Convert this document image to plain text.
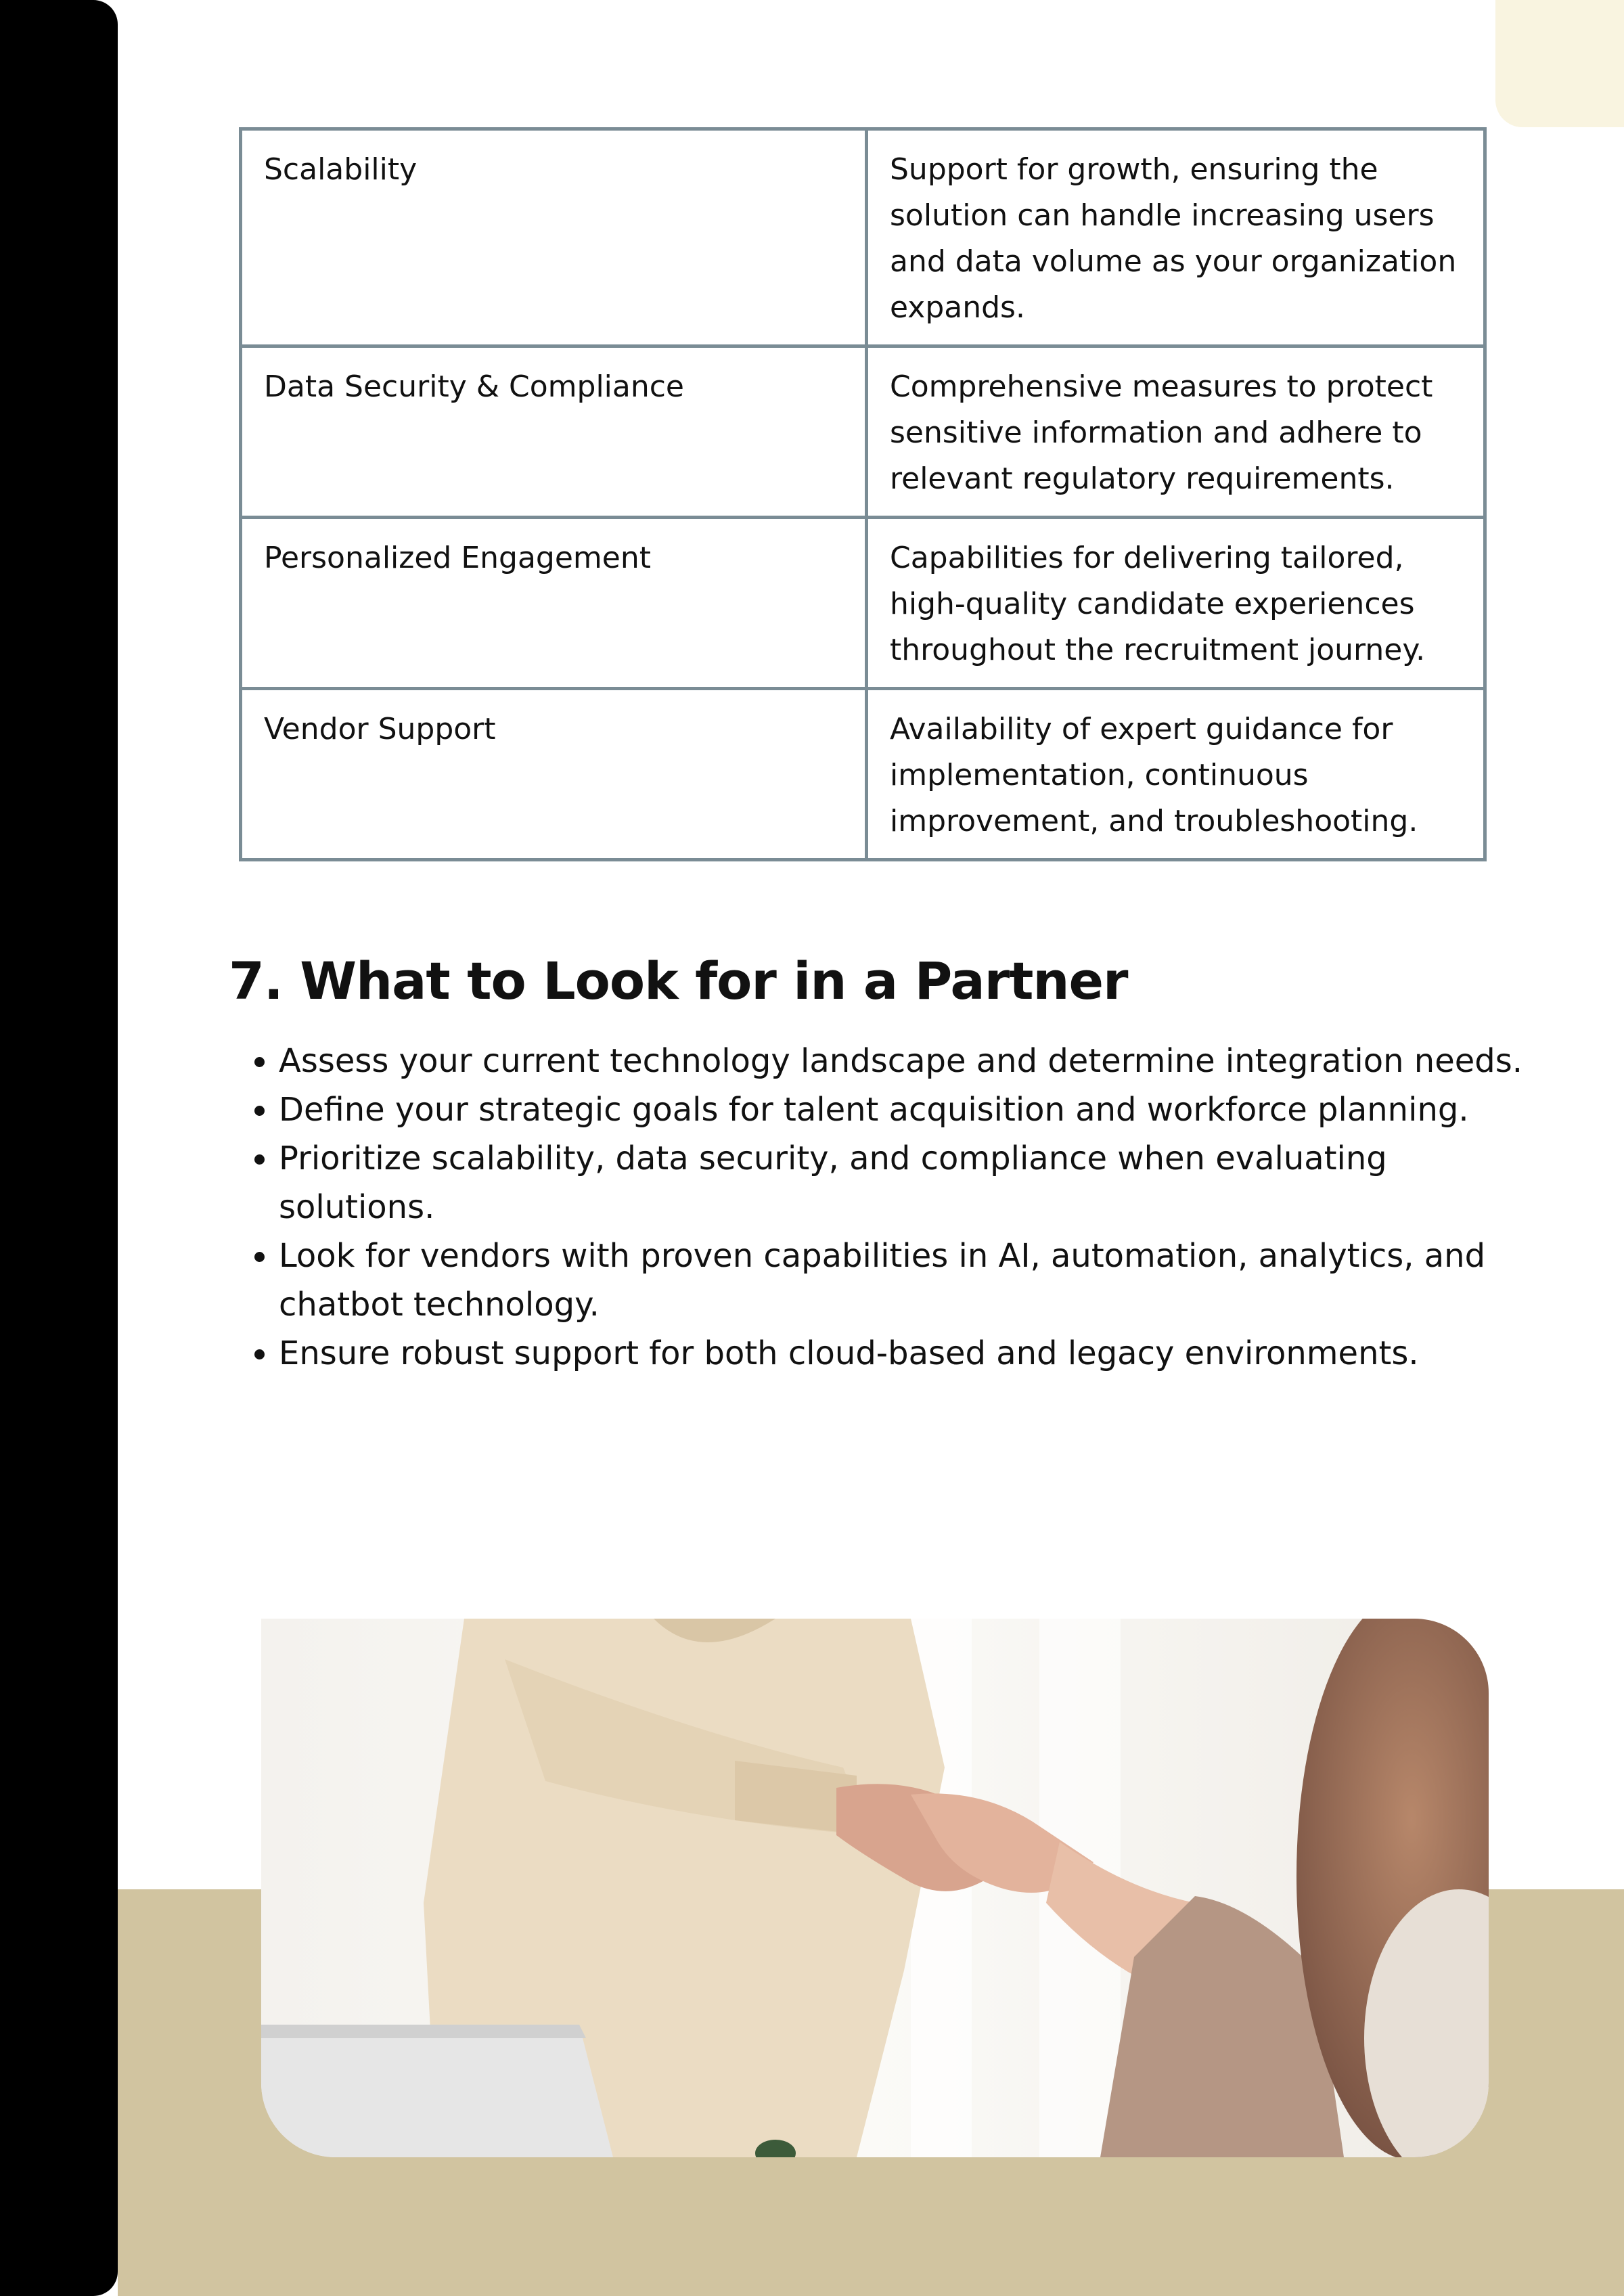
Scalability	Support for growth, ensuring the solution can handle increasing users and data volume as your organization expands.
Data Security & Compliance	Comprehensive measures to protect sensitive information and adhere to relevant regulatory requirements.
Personalized Engagement	Capabilities for delivering tailored, high-quality candidate experiences throughout the recruitment journey.
Vendor Support	Availability of expert guidance for implementation, continuous improvement, and troubleshooting.
7. What to Look for in a Partner
• Assess your current technology landscape and determine integration needs.
• Define your strategic goals for talent acquisition and workforce planning.
• Prioritize scalability, data security, and compliance when evaluating solutions.
• Look for vendors with proven capabilities in AI, automation, analytics, and chatbot technology.
• Ensure robust support for both cloud-based and legacy environments.
